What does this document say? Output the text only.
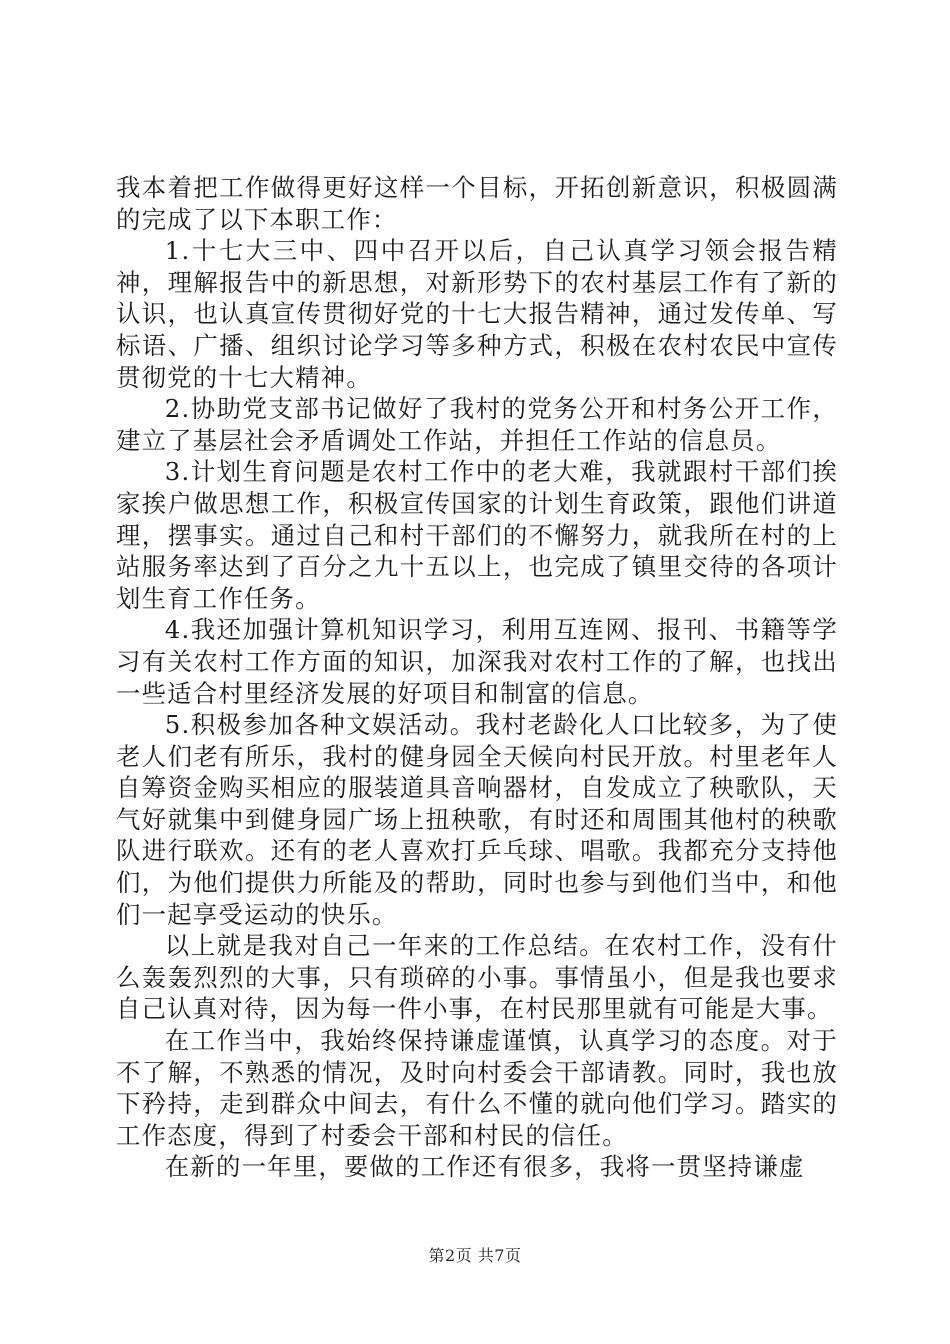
我本着把工作做得更好这样一个目标，开拓创新意识，积极圆满的完成了以下本职工作：

1.十七大三中、四中召开以后，自己认真学习领会报告精神，理解报告中的新思想，对新形势下的农村基层工作有了新的认识，也认真宣传贯彻好党的十七大报告精神，通过发传单、写标语、广播、组织讨论学习等多种方式，积极在农村农民中宣传贯彻党的十七大精神。

2.协助党支部书记做好了我村的党务公开和村务公开工作，建立了基层社会矛盾调处工作站，并担任工作站的信息员。

3.计划生育问题是农村工作中的老大难，我就跟村干部们挨家挨户做思想工作，积极宣传国家的计划生育政策，跟他们讲道理，摆事实。通过自己和村干部们的不懈努力，就我所在村的上站服务率达到了百分之九十五以上，也完成了镇里交待的各项计划生育工作任务。

4.我还加强计算机知识学习，利用互连网、报刊、书籍等学习有关农村工作方面的知识，加深我对农村工作的了解，也找出一些适合村里经济发展的好项目和制富的信息。

5.积极参加各种文娱活动。我村老龄化人口比较多，为了使老人们老有所乐，我村的健身园全天候向村民开放。村里老年人自筹资金购买相应的服装道具音响器材，自发成立了秧歌队，天气好就集中到健身园广场上扭秧歌，有时还和周围其他村的秧歌队进行联欢。还有的老人喜欢打乒乓球、唱歌。我都充分支持他们，为他们提供力所能及的帮助，同时也参与到他们当中，和他们一起享受运动的快乐。

以上就是我对自己一年来的工作总结。在农村工作，没有什么轰轰烈烈的大事，只有琐碎的小事。事情虽小，但是我也要求自己认真对待，因为每一件小事，在村民那里就有可能是大事。

在工作当中，我始终保持谦虚谨慎，认真学习的态度。对于不了解，不熟悉的情况，及时向村委会干部请教。同时，我也放下矜持，走到群众中间去，有什么不懂的就向他们学习。踏实的工作态度，得到了村委会干部和村民的信任。

在新的一年里，要做的工作还有很多，我将一贯坚持谦虚

第2页 共7页
